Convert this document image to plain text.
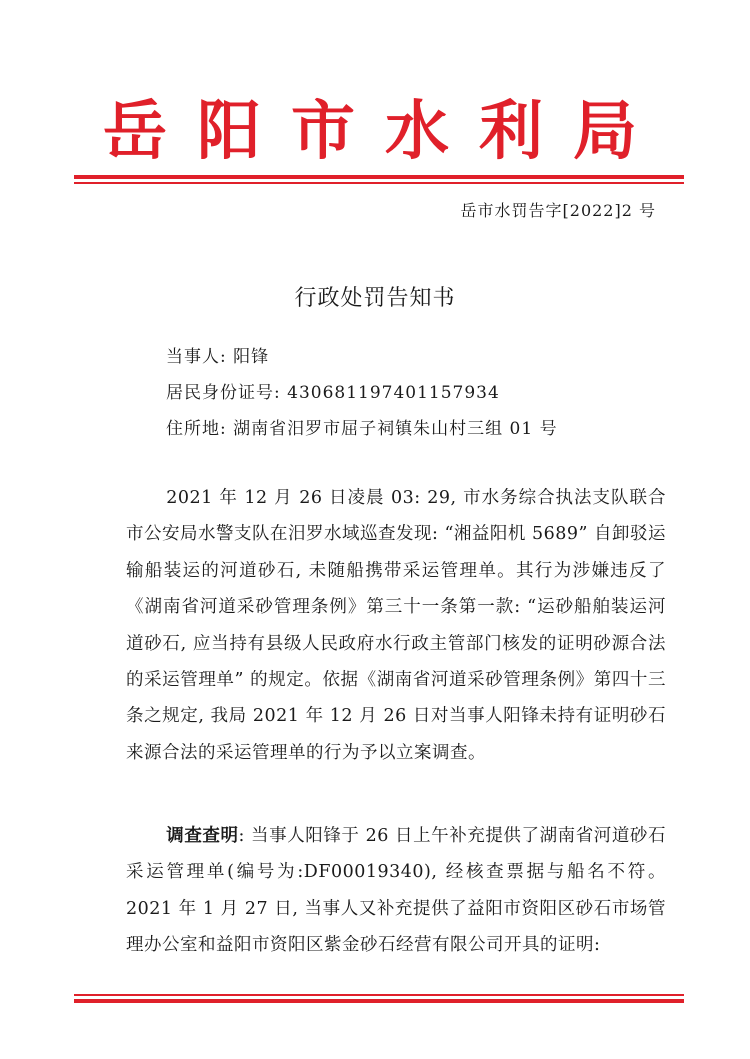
岳阳市水利局
岳市水罚告字[2022]2 号
行政处罚告知书
当事人: 阳锋
居民身份证号: 430681197401157934
住所地: 湖南省汨罗市屈子祠镇朱山村三组 01 号
2021 年 12 月 26 日凌晨 03: 29, 市水务综合执法支队联合市公安局水警支队在汨罗水域巡查发现: “湘益阳机 5689” 自卸驳运输船装运的河道砂石, 未随船携带采运管理单。其行为涉嫌违反了《湖南省河道采砂管理条例》第三十一条第一款: “运砂船舶装运河道砂石, 应当持有县级人民政府水行政主管部门核发的证明砂源合法的采运管理单” 的规定。依据《湖南省河道采砂管理条例》第四十三条之规定, 我局 2021 年 12 月 26 日对当事人阳锋未持有证明砂石来源合法的采运管理单的行为予以立案调查。
调查查明: 当事人阳锋于 26 日上午补充提供了湖南省河道砂石采运管理单(编号为:DF00019340), 经核查票据与船名不符。2021 年 1 月 27 日, 当事人又补充提供了益阳市资阳区砂石市场管理办公室和益阳市资阳区紫金砂石经营有限公司开具的证明:
